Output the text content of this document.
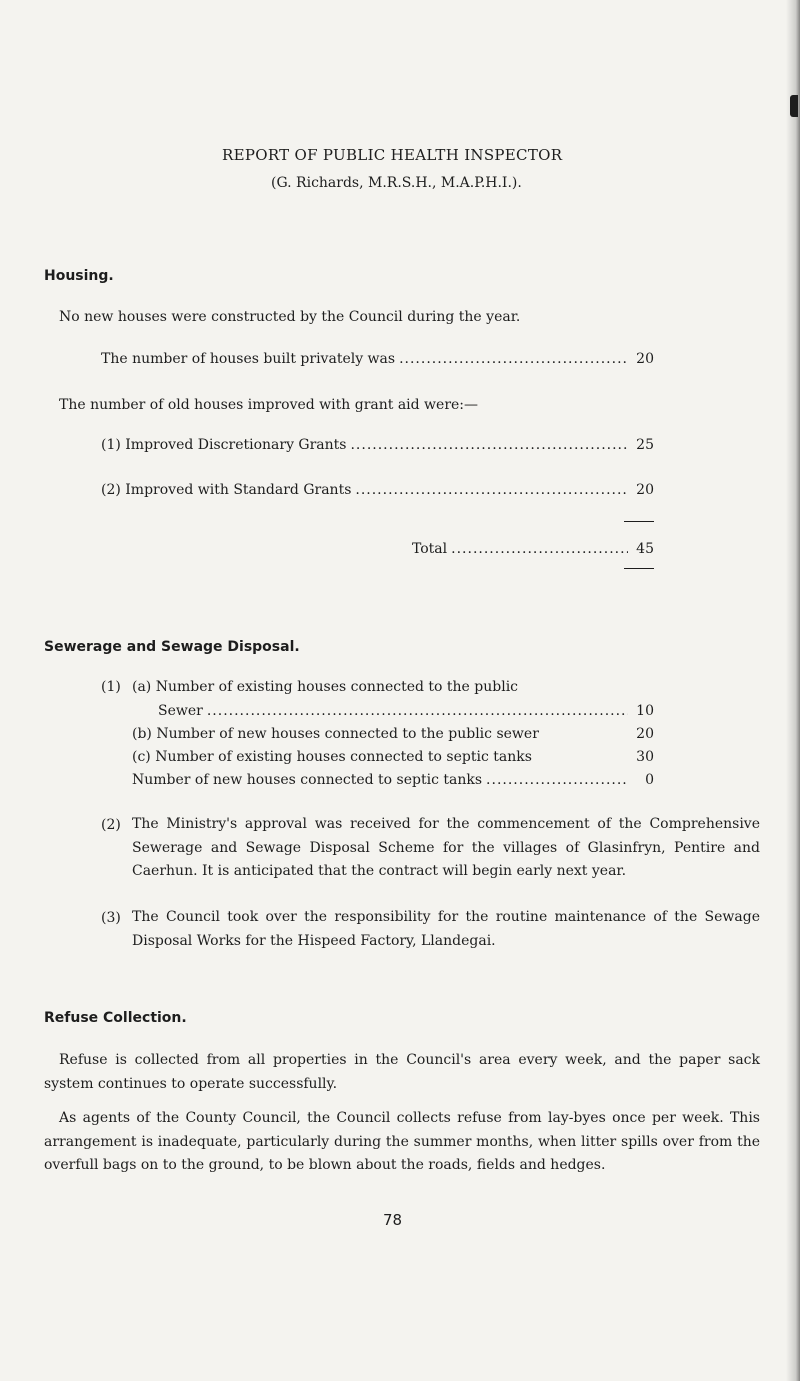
REPORT OF PUBLIC HEALTH INSPECTOR
(G. Richards, M.R.S.H., M.A.P.H.I.).
Housing.
No new houses were constructed by the Council during the year.
The number of houses built privately was .....	20
The number of old houses improved with grant aid were:—
(1) Improved Discretionary Grants .....	25
(2) Improved with Standard Grants .....	20
Total .....	45
Sewerage and Sewage Disposal.
(1) (a) Number of existing houses connected to the public
Sewer .....	10
(b) Number of new houses connected to the public sewer	20
(c) Number of existing houses connected to septic tanks	30
Number of new houses connected to septic tanks .....	0
(2) The Ministry's approval was received for the commencement of the Comprehensive Sewerage and Sewage Disposal Scheme for the villages of Glasinfryn, Pentire and Caerhun. It is anticipated that the contract will begin early next year.
(3) The Council took over the responsibility for the routine maintenance of the Sewage Disposal Works for the Hispeed Factory, Llandegai.
Refuse Collection.
Refuse is collected from all properties in the Council's area every week, and the paper sack system continues to operate successfully.
As agents of the County Council, the Council collects refuse from lay-byes once per week. This arrangement is inadequate, particularly during the summer months, when litter spills over from the overfull bags on to the ground, to be blown about the roads, fields and hedges.
78
